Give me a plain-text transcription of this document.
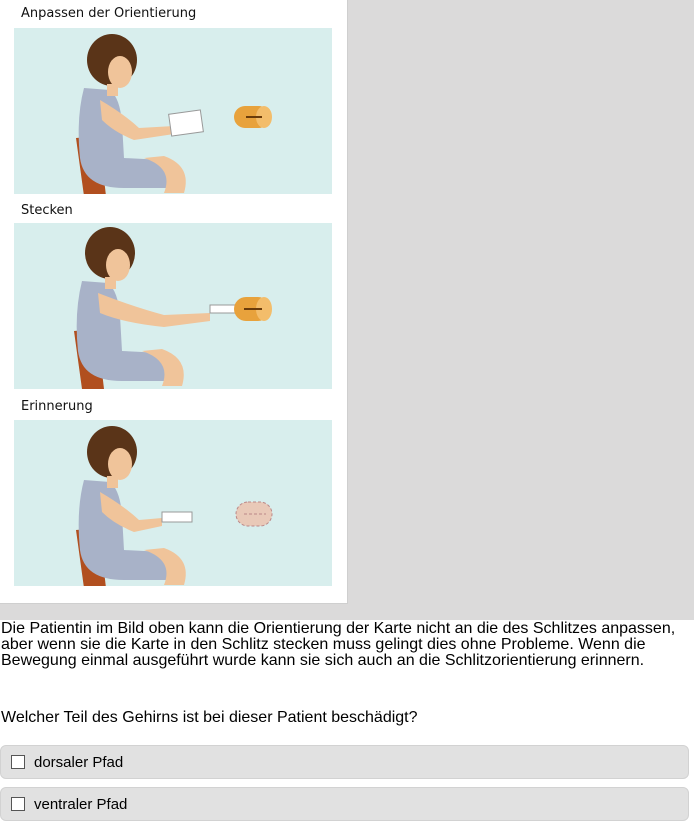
Anpassen der Orientierung
Stecken
Erinnerung
Die Patientin im Bild oben kann die Orientierung der Karte nicht an die des Schlitzes anpassen, aber wenn sie die Karte in den Schlitz stecken muss gelingt dies ohne Probleme. Wenn die Bewegung einmal ausgeführt wurde kann sie sich auch an die Schlitzorientierung erinnern.
Welcher Teil des Gehirns ist bei dieser Patient beschädigt?
dorsaler Pfad
ventraler Pfad
